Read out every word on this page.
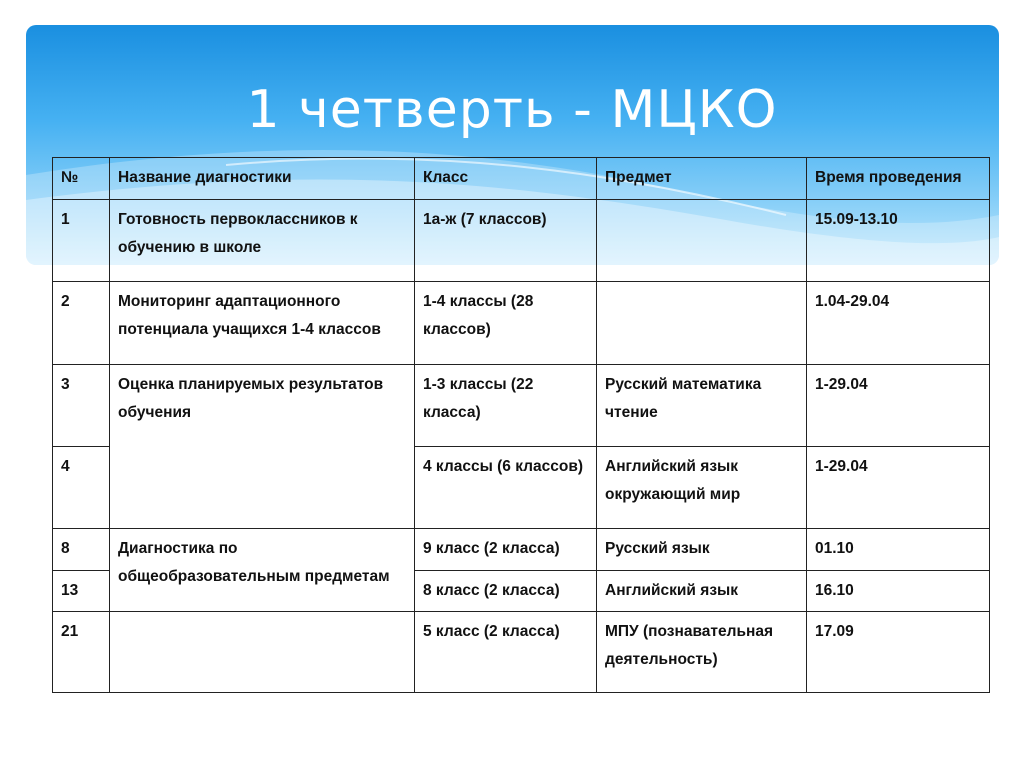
1 четверть - МЦКО
№	Название диагностики	Класс	Предмет	Время проведения
1	Готовность первоклассников к обучению в школе	1а-ж (7 классов)		15.09-13.10
2	Мониторинг адаптационного потенциала учащихся 1-4 классов	1-4 классы (28 классов)		1.04-29.04
3	Оценка планируемых результатов обучения	1-3 классы (22 класса)	Русский математика чтение	1-29.04
4		4 классы (6 классов)	Английский язык окружающий мир	1-29.04
8	Диагностика по общеобразовательным предметам	9 класс (2 класса)	Русский язык	01.10
13		8 класс (2 класса)	Английский язык	16.10
21		5 класс (2 класса)	МПУ (познавательная деятельность)	17.09
